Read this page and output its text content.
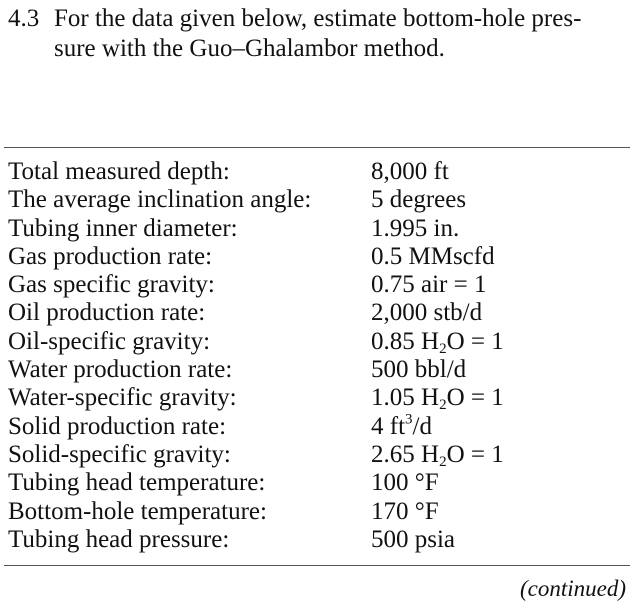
4.3 For the data given below, estimate bottom-hole pres-
sure with the Guo–Ghalambor method.
Total measured depth:	8,000 ft
The average inclination angle: 5 degrees
Tubing inner diameter:	1.995 in.
Gas production rate:	0.5 MMscfd
Gas specific gravity:	0.75 air = 1
Oil production rate:	2,000 stb/d
Oil-specific gravity:	0.85 $H_2O = 1$
Water production rate:	500 bbl/d
Water-specific gravity:	1.05 $H_2O = 1$
Solid production rate:	4 $ft^3/d$
Solid-specific gravity:	2.65 $H_2O = 1$
Tubing head temperature:	100 °F
Bottom-hole temperature:	170 °F
Tubing head pressure:	500 psia
(continued)
